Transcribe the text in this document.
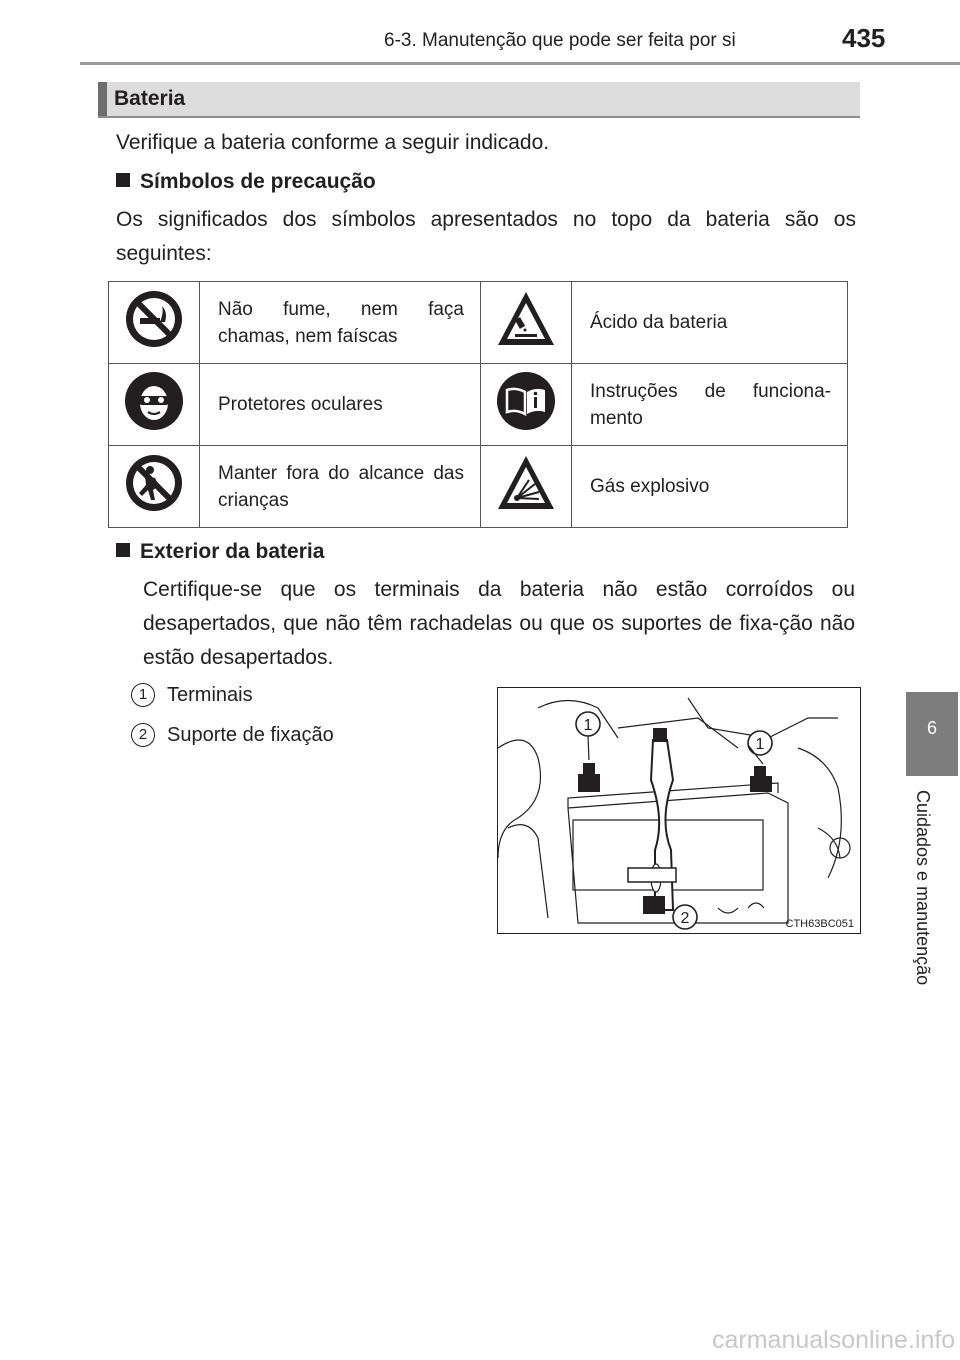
6-3. Manutenção que pode ser feita por si	435
6
Cuidados e manutenção
Bateria
Verifique a bateria conforme a seguir indicado.
Símbolos de precaução
Os significados dos símbolos apresentados no topo da bateria são os seguintes:
	Não fume, nem faça chamas, nem faíscas		Ácido da bateria
	Protetores oculares		Instruções de funciona-mento
	Manter fora do alcance das crianças		Gás explosivo
Exterior da bateria
Certifique-se que os terminais da bateria não estão corroídos ou desapertados, que não têm rachadelas ou que os suportes de fixa-ção não estão desapertados.
1 Terminais
2 Suporte de fixação	1
1
2	CTH63BC051
carmanualsonline.info
